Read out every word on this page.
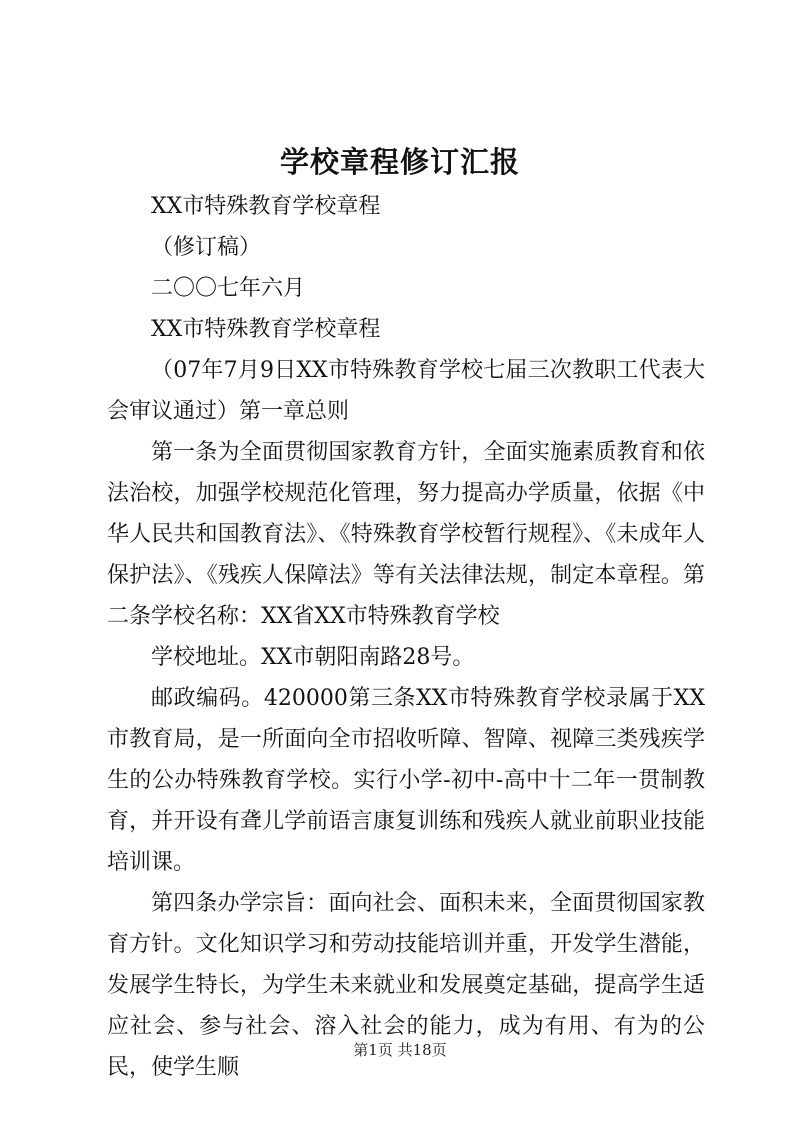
学校章程修订汇报

XX市特殊教育学校章程

（修订稿）

二〇〇七年六月

XX市特殊教育学校章程

（07年7月9日XX市特殊教育学校七届三次教职工代表大会审议通过）第一章总则

第一条为全面贯彻国家教育方针，全面实施素质教育和依法治校，加强学校规范化管理，努力提高办学质量，依据《中华人民共和国教育法》、《特殊教育学校暂行规程》、《未成年人保护法》、《残疾人保障法》等有关法律法规，制定本章程。第二条学校名称：XX省XX市特殊教育学校

学校地址。XX市朝阳南路28号。

邮政编码。420000第三条XX市特殊教育学校录属于XX市教育局，是一所面向全市招收听障、智障、视障三类残疾学生的公办特殊教育学校。实行小学-初中-高中十二年一贯制教育，并开设有聋儿学前语言康复训练和残疾人就业前职业技能培训课。

第四条办学宗旨：面向社会、面积未来，全面贯彻国家教育方针。文化知识学习和劳动技能培训并重，开发学生潜能，发展学生特长，为学生未来就业和发展奠定基础，提高学生适应社会、参与社会、溶入社会的能力，成为有用、有为的公民，使学生顺

第1页 共18页
